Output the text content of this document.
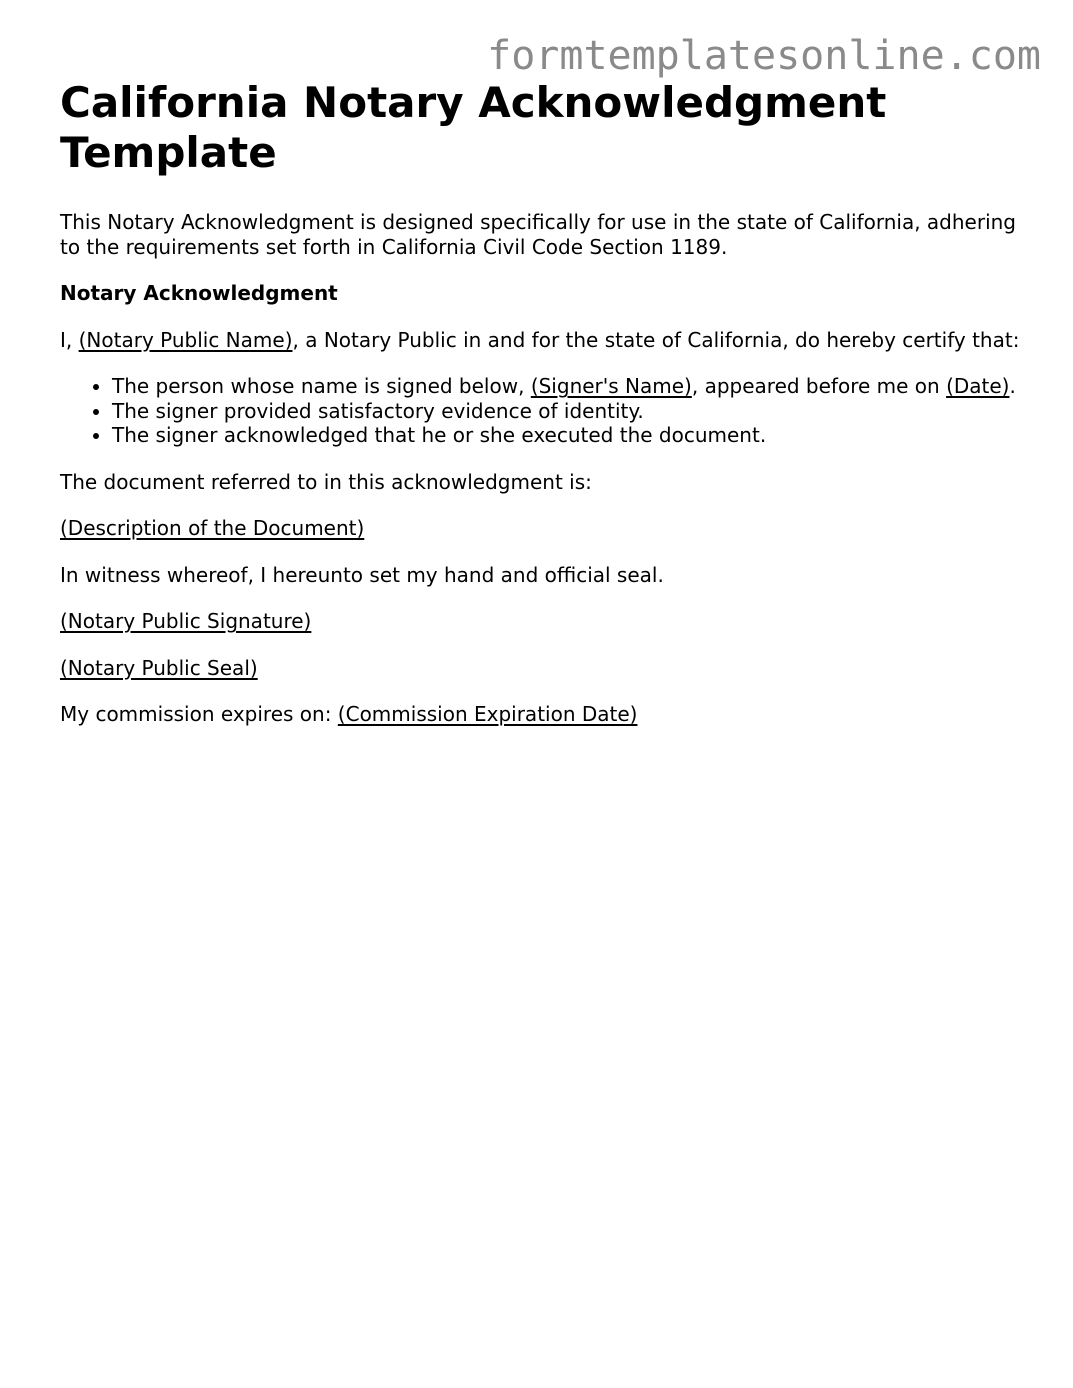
formtemplatesonline.com
California Notary Acknowledgment Template

This Notary Acknowledgment is designed specifically for use in the state of California, adhering to the requirements set forth in California Civil Code Section 1189.

Notary Acknowledgment

I, (Notary Public Name), a Notary Public in and for the state of California, do hereby certify that:

• The person whose name is signed below, (Signer's Name), appeared before me on (Date).
• The signer provided satisfactory evidence of identity.
• The signer acknowledged that he or she executed the document.

The document referred to in this acknowledgment is:

(Description of the Document)

In witness whereof, I hereunto set my hand and official seal.

(Notary Public Signature)

(Notary Public Seal)

My commission expires on: (Commission Expiration Date)
